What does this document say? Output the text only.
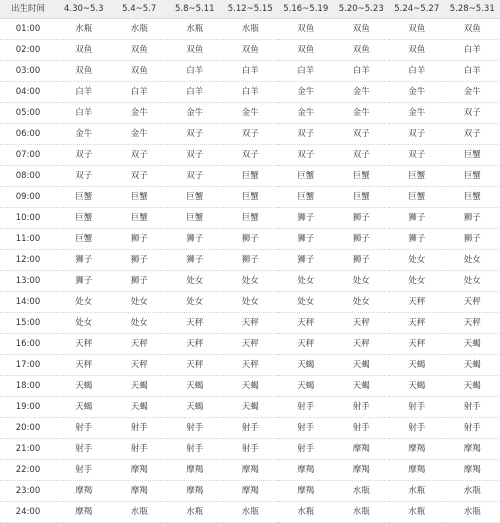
出生时间	4.30~5.3	5.4~5.7	5.8~5.11	5.12~5.15	5.16~5.19	5.20~5.23	5.24~5.27	5.28~5.31
01:00	水瓶	水瓶	水瓶	水瓶	双鱼	双鱼	双鱼	双鱼
02:00	双鱼	双鱼	双鱼	双鱼	双鱼	双鱼	双鱼	白羊
03:00	双鱼	双鱼	白羊	白羊	白羊	白羊	白羊	白羊
04:00	白羊	白羊	白羊	白羊	金牛	金牛	金牛	金牛
05:00	白羊	金牛	金牛	金牛	金牛	金牛	金牛	双子
06:00	金牛	金牛	双子	双子	双子	双子	双子	双子
07:00	双子	双子	双子	双子	双子	双子	双子	巨蟹
08:00	双子	双子	双子	巨蟹	巨蟹	巨蟹	巨蟹	巨蟹
09:00	巨蟹	巨蟹	巨蟹	巨蟹	巨蟹	巨蟹	巨蟹	巨蟹
10:00	巨蟹	巨蟹	巨蟹	巨蟹	狮子	狮子	狮子	狮子
11:00	巨蟹	狮子	狮子	狮子	狮子	狮子	狮子	狮子
12:00	狮子	狮子	狮子	狮子	狮子	狮子	处女	处女
13:00	狮子	狮子	处女	处女	处女	处女	处女	处女
14:00	处女	处女	处女	处女	处女	处女	天秤	天秤
15:00	处女	处女	天秤	天秤	天秤	天秤	天秤	天秤
16:00	天秤	天秤	天秤	天秤	天秤	天秤	天秤	天蝎
17:00	天秤	天秤	天秤	天秤	天蝎	天蝎	天蝎	天蝎
18:00	天蝎	天蝎	天蝎	天蝎	天蝎	天蝎	天蝎	天蝎
19:00	天蝎	天蝎	天蝎	天蝎	射手	射手	射手	射手
20:00	射手	射手	射手	射手	射手	射手	射手	射手
21:00	射手	射手	射手	射手	射手	摩羯	摩羯	摩羯
22:00	射手	摩羯	摩羯	摩羯	摩羯	摩羯	摩羯	摩羯
23:00	摩羯	摩羯	摩羯	摩羯	摩羯	水瓶	水瓶	水瓶
24:00	摩羯	水瓶	水瓶	水瓶	水瓶	水瓶	水瓶	水瓶
